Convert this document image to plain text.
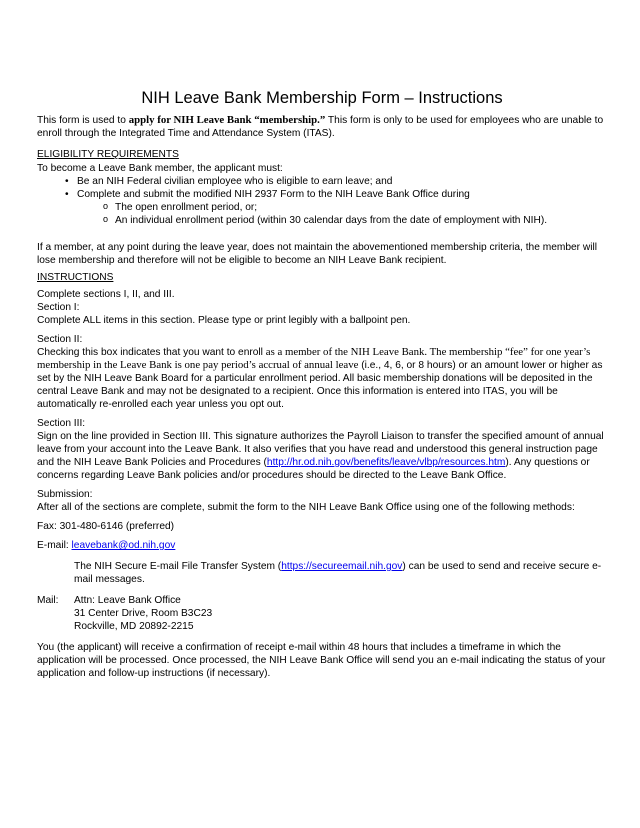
NIH Leave Bank Membership Form – Instructions

This form is used to apply for NIH Leave Bank “membership.” This form is only to be used for employees who are unable to enroll through the Integrated Time and Attendance System (ITAS).

ELIGIBILITY REQUIREMENTS

To become a Leave Bank member, the applicant must:

• Be an NIH Federal civilian employee who is eligible to earn leave; and
• Complete and submit the modified NIH 2937 Form to the NIH Leave Bank Office during
o The open enrollment period, or;
o An individual enrollment period (within 30 calendar days from the date of employment with NIH).

If a member, at any point during the leave year, does not maintain the abovementioned membership criteria, the member will lose membership and therefore will not be eligible to become an NIH Leave Bank recipient.

INSTRUCTIONS

Complete sections I, II, and III.

Section I:

Complete ALL items in this section. Please type or print legibly with a ballpoint pen.

Section II:

Checking this box indicates that you want to enroll as a member of the NIH Leave Bank. The membership “fee” for one year’s membership in the Leave Bank is one pay period’s accrual of annual leave (i.e., 4, 6, or 8 hours) or an amount lower or higher as set by the NIH Leave Bank Board for a particular enrollment period. All basic membership donations will be deposited in the central Leave Bank and may not be designated to a recipient. Once this information is entered into ITAS, you will be automatically re-enrolled each year unless you opt out.

Section III:

Sign on the line provided in Section III. This signature authorizes the Payroll Liaison to transfer the specified amount of annual leave from your account into the Leave Bank. It also verifies that you have read and understood this general instruction page and the NIH Leave Bank Policies and Procedures (http://hr.od.nih.gov/benefits/leave/vlbp/resources.htm). Any questions or concerns regarding Leave Bank policies and/or procedures should be directed to the Leave Bank Office.

Submission:

After all of the sections are complete, submit the form to the NIH Leave Bank Office using one of the following methods:

Fax: 301-480-6146 (preferred)

E-mail: leavebank@od.nih.gov

The NIH Secure E-mail File Transfer System (https://secureemail.nih.gov) can be used to send and receive secure e-mail messages.

Mail:	Attn: Leave Bank Office
31 Center Drive, Room B3C23
Rockville, MD 20892-2215

You (the applicant) will receive a confirmation of receipt e-mail within 48 hours that includes a timeframe in which the application will be processed. Once processed, the NIH Leave Bank Office will send you an e-mail indicating the status of your application and follow-up instructions (if necessary).
